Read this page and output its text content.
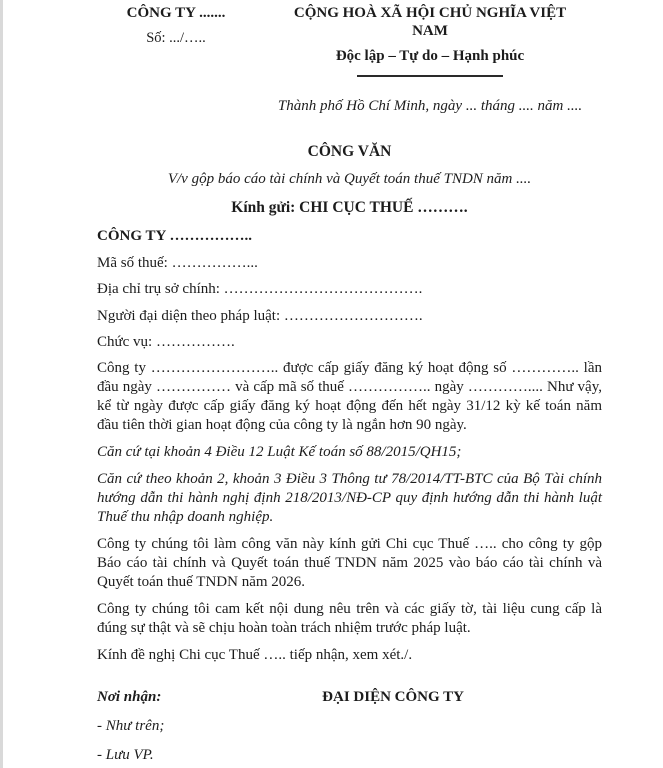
CÔNG TY .......
Số: .../…..
CỘNG HOÀ XÃ HỘI CHỦ NGHĨA VIỆT NAM
Độc lập – Tự do – Hạnh phúc
Thành phố Hồ Chí Minh, ngày ... tháng .... năm ....
CÔNG VĂN
V/v gộp báo cáo tài chính và Quyết toán thuế TNDN năm ....
Kính gửi: CHI CỤC THUẾ ……….
CÔNG TY ……………..
Mã số thuế: ……………...
Địa chỉ trụ sở chính: ………………………………….
Người đại diện theo pháp luật: ……………………….
Chức vụ: …………….

Công ty …………………….. được cấp giấy đăng ký hoạt động số ………….. lần đầu ngày …………… và cấp mã số thuế …………….. ngày ………….... Như vậy, kể từ ngày được cấp giấy đăng ký hoạt động đến hết ngày 31/12 kỳ kế toán năm đầu tiên thời gian hoạt động của công ty là ngắn hơn 90 ngày.

Căn cứ tại khoản 4 Điều 12 Luật Kế toán số 88/2015/QH15;

Căn cứ theo khoản 2, khoản 3 Điều 3 Thông tư 78/2014/TT-BTC của Bộ Tài chính hướng dẫn thi hành nghị định 218/2013/NĐ-CP quy định hướng dẫn thi hành luật Thuế thu nhập doanh nghiệp.

Công ty chúng tôi làm công văn này kính gửi Chi cục Thuế ….. cho công ty gộp Báo cáo tài chính và Quyết toán thuế TNDN năm 2025 vào báo cáo tài chính và Quyết toán thuế TNDN năm 2026.

Công ty chúng tôi cam kết nội dung nêu trên và các giấy tờ, tài liệu cung cấp là đúng sự thật và sẽ chịu hoàn toàn trách nhiệm trước pháp luật.

Kính đề nghị Chi cục Thuế ….. tiếp nhận, xem xét./.

Nơi nhận:
- Như trên;
- Lưu VP.
ĐẠI DIỆN CÔNG TY
